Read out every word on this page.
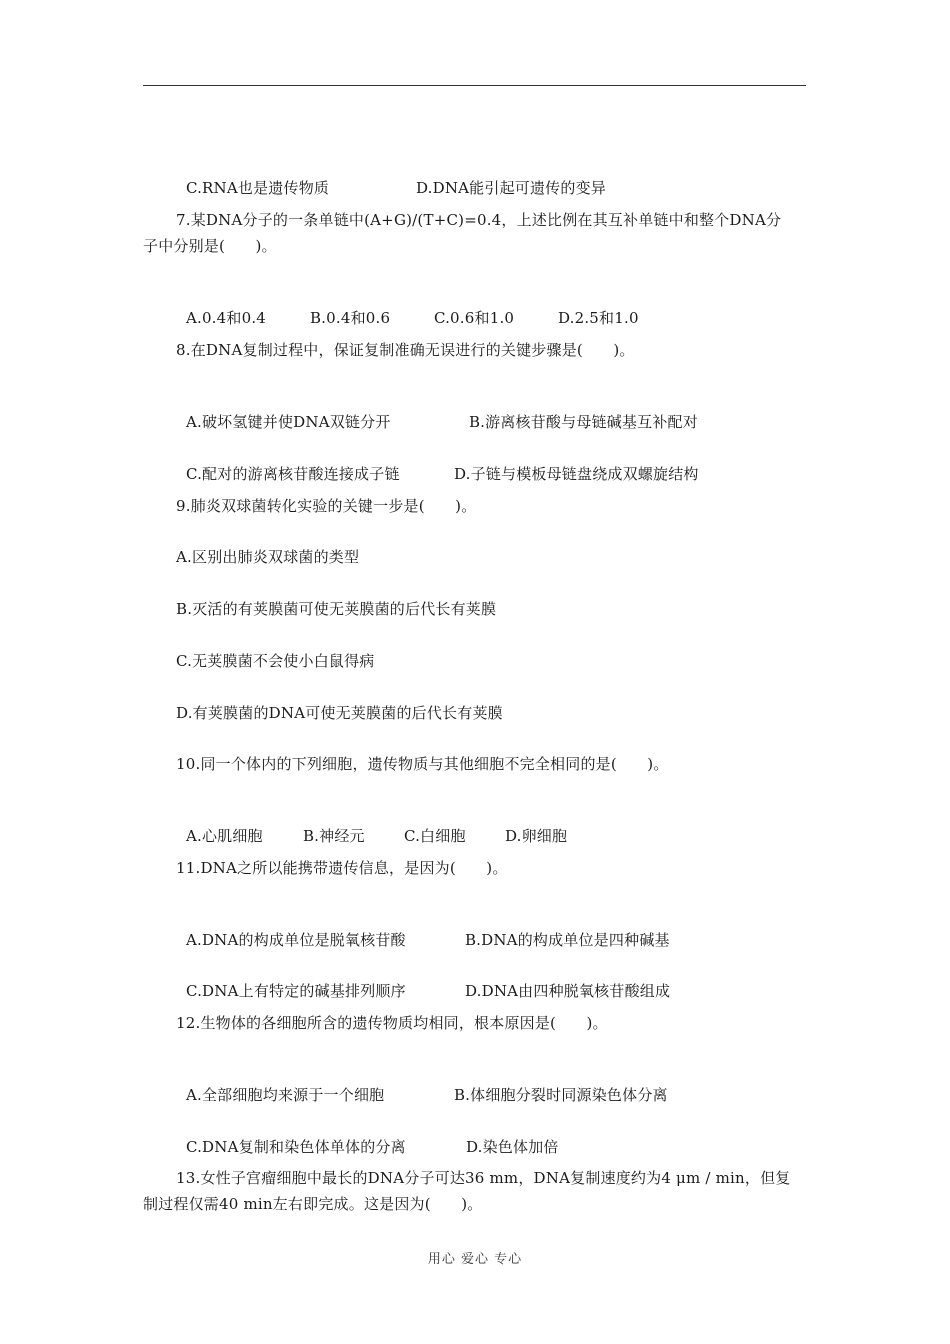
C.RNA也是遗传物质	D.DNA能引起可遗传的变异

7.某DNA分子的一条单链中(A+G)/(T+C)=0.4，上述比例在其互补单链中和整个DNA分
子中分别是(　　)。

A.0.4和0.4	B.0.4和0.6	C.0.6和1.0	D.2.5和1.0

8.在DNA复制过程中，保证复制准确无误进行的关键步骤是(　　)。

A.破坏氢键并使DNA双链分开	B.游离核苷酸与母链碱基互补配对

C.配对的游离核苷酸连接成子链	D.子链与模板母链盘绕成双螺旋结构

9.肺炎双球菌转化实验的关键一步是(　　)。
A.区别出肺炎双球菌的类型
B.灭活的有荚膜菌可使无荚膜菌的后代长有荚膜
C.无荚膜菌不会使小白鼠得病
D.有荚膜菌的DNA可使无荚膜菌的后代长有荚膜
10.同一个体内的下列细胞，遗传物质与其他细胞不完全相同的是(　　)。

A.心肌细胞	B.神经元	C.白细胞	D.卵细胞

11.DNA之所以能携带遗传信息，是因为(　　)。

A.DNA的构成单位是脱氧核苷酸	B.DNA的构成单位是四种碱基

C.DNA上有特定的碱基排列顺序	D.DNA由四种脱氧核苷酸组成

12.生物体的各细胞所含的遗传物质均相同，根本原因是(　　)。

A.全部细胞均来源于一个细胞	B.体细胞分裂时同源染色体分离

C.DNA复制和染色体单体的分离	D.染色体加倍

13.女性子宫瘤细胞中最长的DNA分子可达36 mm，DNA复制速度约为4 μm / min，但复
制过程仅需40 min左右即完成。这是因为(　　)。
用心 爱心 专心
